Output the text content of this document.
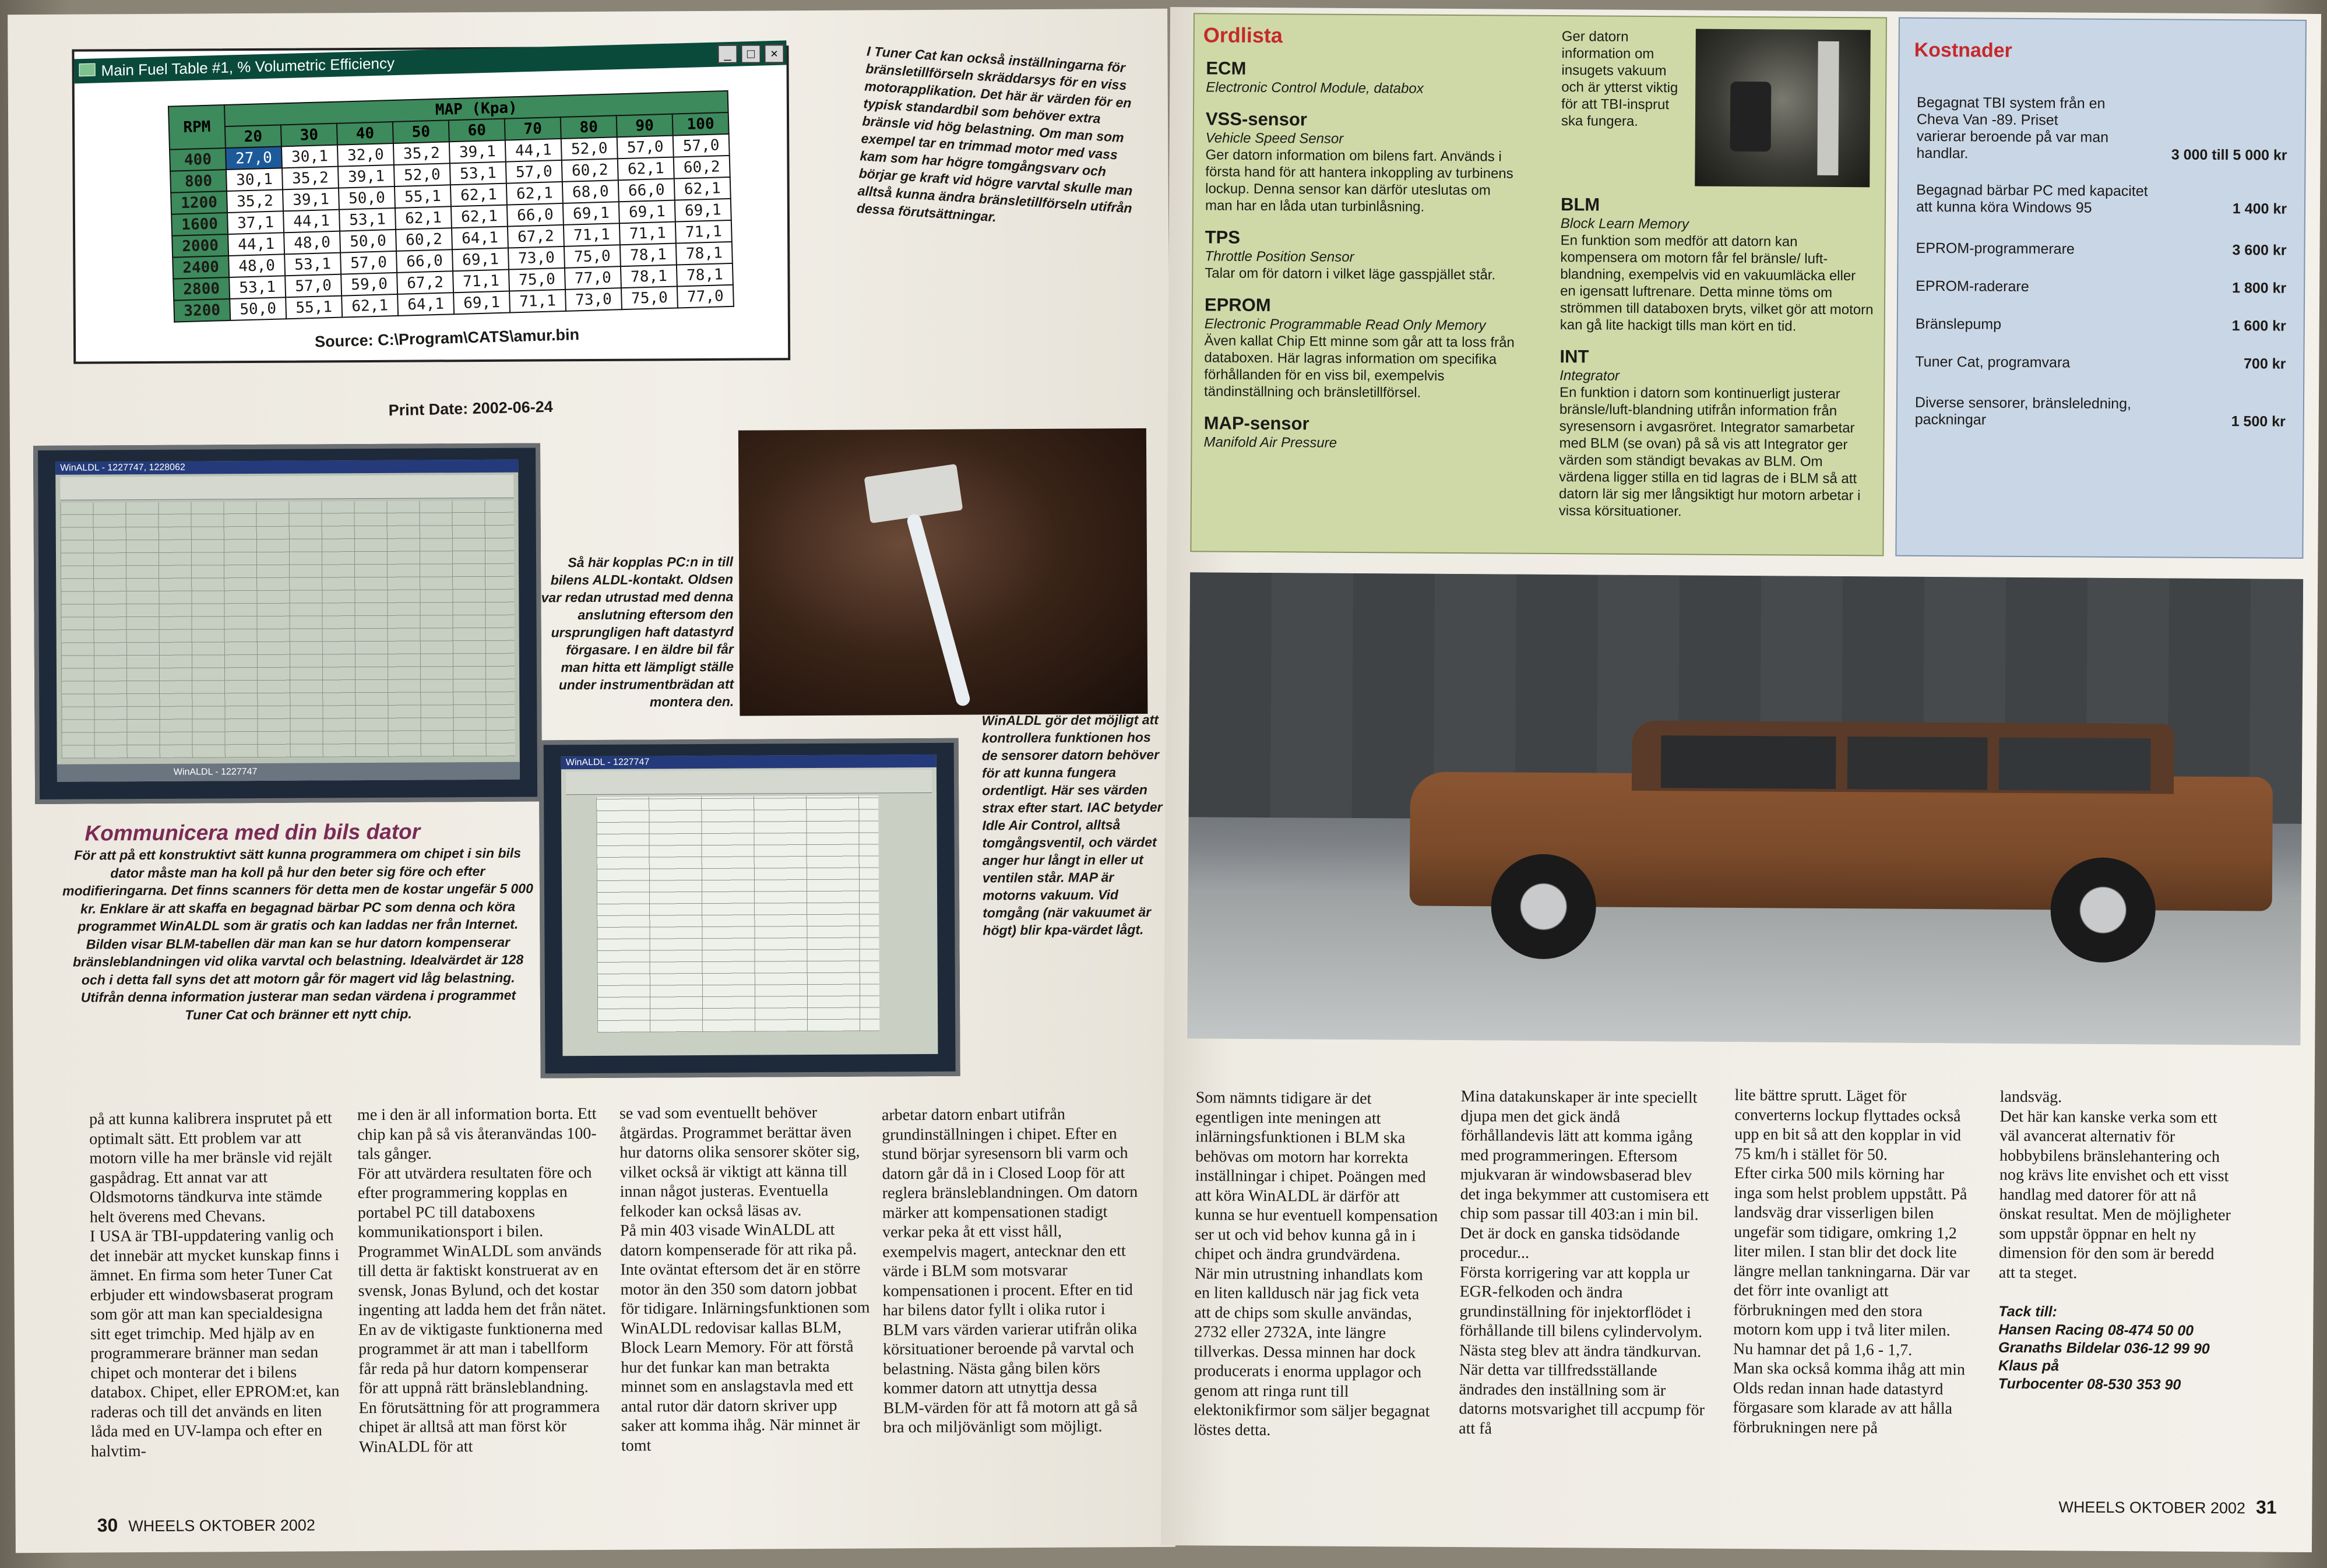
Main Fuel Table #1, % Volumetric Efficiency
_	□	×
RPM	MAP (Kpa)								
	20	30	40	50	60	70	80	90	100
400	27,0	30,1	32,0	35,2	39,1	44,1	52,0	57,0	57,0
800	30,1	35,2	39,1	52,0	53,1	57,0	60,2	62,1	60,2
1200	35,2	39,1	50,0	55,1	62,1	62,1	68,0	66,0	62,1
1600	37,1	44,1	53,1	62,1	62,1	66,0	69,1	69,1	69,1
2000	44,1	48,0	50,0	60,2	64,1	67,2	71,1	71,1	71,1
2400	48,0	53,1	57,0	66,0	69,1	73,0	75,0	78,1	78,1
2800	53,1	57,0	59,0	67,2	71,1	75,0	77,0	78,1	78,1
3200	50,0	55,1	62,1	64,1	69,1	71,1	73,0	75,0	77,0
Source: C:\Program\CATS\amur.bin
Print Date: 2002-06-24
I Tuner Cat kan också inställningarna för bränsletillförseln skräddarsys för en viss motorapplikation. Det här är värden för en typisk standardbil som behöver extra bränsle vid hög belastning. Om man som exempel tar en trimmad motor med vass kam som har högre tomgångsvarv och börjar ge kraft vid högre varvtal skulle man alltså kunna ändra bränsletillförseln utifrån dessa förutsättningar.
WinALDL - 1227747, 1228062
WinALDL - 1227747
Så här kopplas PC:n in till bilens ALDL-kontakt. Oldsen var redan utrustad med denna anslutning eftersom den ursprungligen haft datastyrd förgasare. I en äldre bil får man hitta ett lämpligt ställe under instrumentbrädan att montera den.
WinALDL - 1227747
WinALDL gör det möjligt att kontrollera funktionen hos de sensorer datorn behöver för att kunna fungera ordentligt. Här ses värden strax efter start. IAC betyder Idle Air Control, alltså tomgångsventil, och värdet anger hur långt in eller ut ventilen står. MAP är motorns vakuum. Vid tomgång (när vakuumet är högt) blir kpa-värdet lågt.
Kommunicera med din bils dator
För att på ett konstruktivt sätt kunna programmera om chipet i sin bils dator måste man ha koll på hur den beter sig före och efter modifieringarna. Det finns scanners för detta men de kostar ungefär 5 000 kr. Enklare är att skaffa en begagnad bärbar PC som denna och köra programmet WinALDL som är gratis och kan laddas ner från Internet. Bilden visar BLM-tabellen där man kan se hur datorn kompenserar bränsleblandningen vid olika varvtal och belastning. Idealvärdet är 128 och i detta fall syns det att motorn går för magert vid låg belastning. Utifrån denna information justerar man sedan värdena i programmet Tuner Cat och bränner ett nytt chip.
på att kunna kalibrera insprutet på ett optimalt sätt. Ett problem var att motorn ville ha mer bränsle vid rejält gaspådrag. Ett annat var att Oldsmotorns tändkurva inte stämde helt överens med Chevans.
I USA är TBI-uppdatering vanlig och det innebär att mycket kunskap finns i ämnet. En firma som heter Tuner Cat erbjuder ett windowsbaserat program som gör att man kan specialdesigna sitt eget trimchip. Med hjälp av en programmerare bränner man sedan chipet och monterar det i bilens databox. Chipet, eller EPROM:et, kan raderas och till det används en liten låda med en UV-lampa och efter en halvtim-
me i den är all information borta. Ett chip kan på så vis återanvändas 100-tals gånger.
För att utvärdera resultaten före och efter programmering kopplas en portabel PC till databoxens kommunikationsport i bilen. Programmet WinALDL som används till detta är faktiskt konstruerat av en svensk, Jonas Bylund, och det kostar ingenting att ladda hem det från nätet. En av de viktigaste funktionerna med programmet är att man i tabellform får reda på hur datorn kompenserar för att uppnå rätt bränsleblandning.
En förutsättning för att programmera chipet är alltså att man först kör WinALDL för att
se vad som eventuellt behöver åtgärdas. Programmet berättar även hur datorns olika sensorer sköter sig, vilket också är viktigt att känna till innan något justeras. Eventuella felkoder kan också läsas av.
På min 403 visade WinALDL att datorn kompenserade för att rika på. Inte oväntat eftersom det är en större motor än den 350 som datorn jobbat för tidigare. Inlärningsfunktionen som WinALDL redovisar kallas BLM, Block Learn Memory. För att förstå hur det funkar kan man betrakta minnet som en anslagstavla med ett antal rutor där datorn skriver upp saker att komma ihåg. När minnet är tomt
arbetar datorn enbart utifrån grundinställningen i chipet. Efter en stund börjar syresensorn bli varm och datorn går då in i Closed Loop för att reglera bränsleblandningen. Om datorn märker att kompensationen stadigt verkar peka åt ett visst håll, exempelvis magert, antecknar den ett värde i BLM som motsvarar kompensationen i procent. Efter en tid har bilens dator fyllt i olika rutor i BLM vars värden varierar utifrån olika körsituationer beroende på varvtal och belastning. Nästa gång bilen körs kommer datorn att utnyttja dessa BLM-värden för att få motorn att gå så bra och miljövänligt som möjligt.
30 WHEELS OKTOBER 2002
Ordlista
ECM
Electronic Control Module, databox
VSS-sensor
Vehicle Speed Sensor
Ger datorn information om bilens fart. Används i första hand för att hantera inkoppling av turbinens lockup. Denna sensor kan därför uteslutas om man har en låda utan turbinlåsning.
TPS
Throttle Position Sensor
Talar om för datorn i vilket läge gasspjället står.
EPROM
Electronic Programmable Read Only Memory
Även kallat Chip Ett minne som går att ta loss från databoxen. Här lagras information om specifika förhållanden för en viss bil, exempelvis tändinställning och bränsletillförsel.
MAP-sensor
Manifold Air Pressure
Ger datorn information om insugets vakuum och är ytterst viktig för att TBI-insprut ska fungera.
BLM
Block Learn Memory
En funktion som medför att datorn kan kompensera om motorn får fel bränsle/ luft-blandning, exempelvis vid en vakuumläcka eller en igensatt luftrenare. Detta minne töms om strömmen till databoxen bryts, vilket gör att motorn kan gå lite hackigt tills man kört en tid.
INT
Integrator
En funktion i datorn som kontinuerligt justerar bränsle/luft-blandning utifrån information från syresensorn i avgasröret. Integrator samarbetar med BLM (se ovan) på så vis att Integrator ger värden som ständigt bevakas av BLM. Om värdena ligger stilla en tid lagras de i BLM så att datorn lär sig mer långsiktigt hur motorn arbetar i vissa körsituationer.
Kostnader
Begagnat TBI system från en Cheva Van -89. Priset varierar beroende på var man handlar.	3 000 till 5 000 kr
Begagnad bärbar PC med kapacitet att kunna köra Windows 95	1 400 kr
EPROM-programmerare	3 600 kr
EPROM-raderare	1 800 kr
Bränslepump	1 600 kr
Tuner Cat, programvara	700 kr
Diverse sensorer, bränsleledning, packningar	1 500 kr
Som nämnts tidigare är det egentligen inte meningen att inlärningsfunktionen i BLM ska behövas om motorn har korrekta inställningar i chipet. Poängen med att köra WinALDL är därför att kunna se hur eventuell kompensation ser ut och vid behov kunna gå in i chipet och ändra grundvärdena.
När min utrustning inhandlats kom en liten kalldusch när jag fick veta att de chips som skulle användas, 2732 eller 2732A, inte längre tillverkas. Dessa minnen har dock producerats i enorma upplagor och genom att ringa runt till elektonikfirmor som säljer begagnat löstes detta.
Mina datakunskaper är inte speciellt djupa men det gick ändå förhållandevis lätt att komma igång med programmeringen. Eftersom mjukvaran är windowsbaserad blev det inga bekymmer att customisera ett chip som passar till 403:an i min bil. Det är dock en ganska tidsödande procedur...
Första korrigering var att koppla ur EGR-felkoden och ändra grundinställning för injektorflödet i förhållande till bilens cylindervolym. Nästa steg blev att ändra tändkurvan. När detta var tillfredsställande ändrades den inställning som är datorns motsvarighet till accpump för att få
lite bättre sprutt. Läget för converterns lockup flyttades också upp en bit så att den kopplar in vid 75 km/h i stället för 50.
Efter cirka 500 mils körning har inga som helst problem uppstått. På landsväg drar visserligen bilen ungefär som tidigare, omkring 1,2 liter milen. I stan blir det dock lite längre mellan tankningarna. Där var det förr inte ovanligt att förbrukningen med den stora motorn kom upp i två liter milen. Nu hamnar det på 1,6 - 1,7.
Man ska också komma ihåg att min Olds redan innan hade datastyrd förgasare som klarade av att hålla förbrukningen nere på
landsväg.
Det här kan kanske verka som ett väl avancerat alternativ för hobbybilens bränslehantering och nog krävs lite envishet och ett visst handlag med datorer för att nå önskat resultat. Men de möjligheter som uppstår öppnar en helt ny dimension för den som är beredd att ta steget.
Tack till:
Hansen Racing 08-474 50 00
Granaths Bildelar 036-12 99 90
Klaus på
Turbocenter 08-530 353 90
WHEELS OKTOBER 2002 31
